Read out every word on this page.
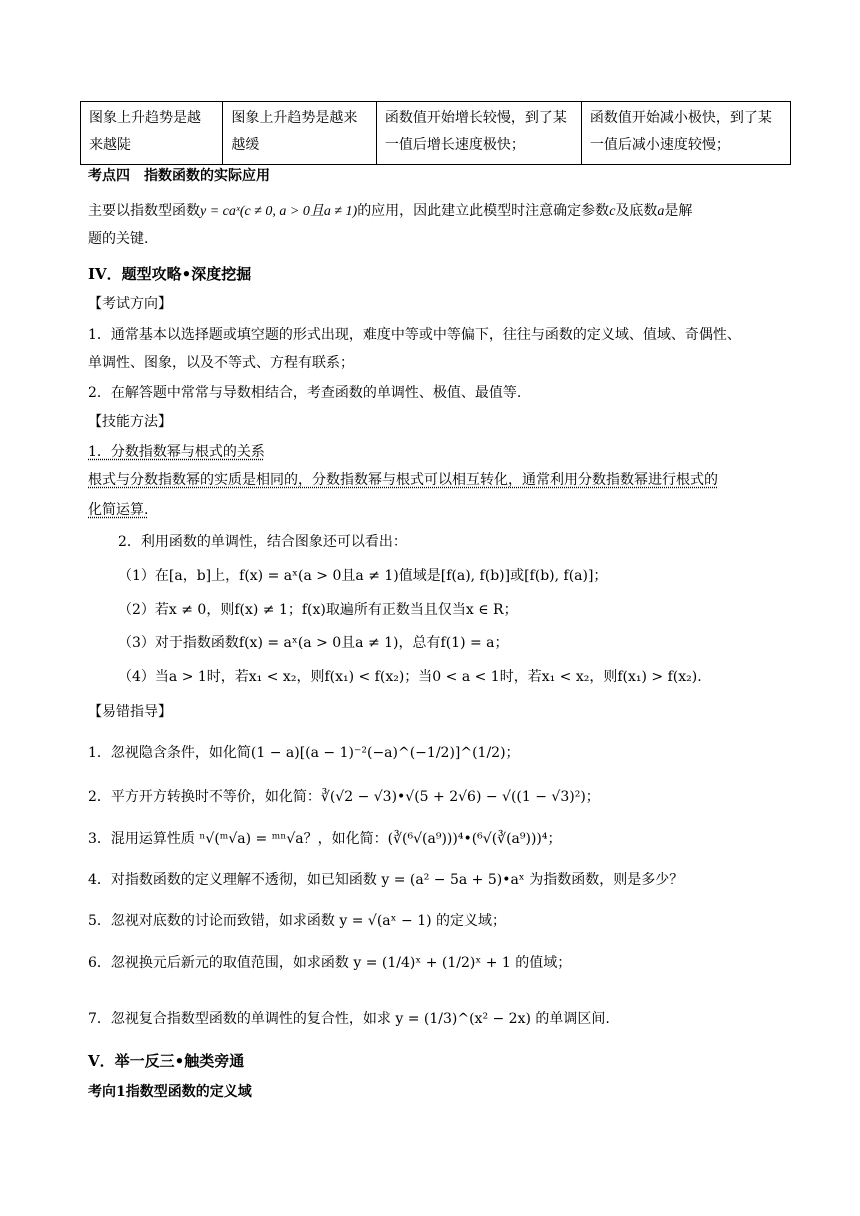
图象上升趋势是越来越陡	图象上升趋势是越来越缓	函数值开始增长较慢，到了某一值后增长速度极快；	函数值开始减小极快，到了某一值后减小速度较慢；
考点四　指数函数的实际应用
主要以指数型函数y = caˣ(c ≠ 0, a > 0且a ≠ 1)的应用，因此建立此模型时注意确定参数c及底数a是解
题的关键.
IV．题型攻略•深度挖掘
【考试方向】
1．通常基本以选择题或填空题的形式出现，难度中等或中等偏下，往往与函数的定义域、值域、奇偶性、
单调性、图象，以及不等式、方程有联系；
2．在解答题中常常与导数相结合，考查函数的单调性、极值、最值等.
【技能方法】
1．分数指数幂与根式的关系
根式与分数指数幂的实质是相同的，分数指数幂与根式可以相互转化，通常利用分数指数幂进行根式的
化简运算.
2．利用函数的单调性，结合图象还可以看出：
（1）在[a，b]上，f(x) = aˣ(a > 0且a ≠ 1)值域是[f(a), f(b)]或[f(b), f(a)]；
（2）若x ≠ 0，则f(x) ≠ 1；f(x)取遍所有正数当且仅当x ∈ R；
（3）对于指数函数f(x) = aˣ(a > 0且a ≠ 1)，总有f(1) = a；
（4）当a > 1时，若x₁ < x₂，则f(x₁) < f(x₂)；当0 < a < 1时，若x₁ < x₂，则f(x₁) > f(x₂).
【易错指导】
1．忽视隐含条件，如化简(1 − a)[(a − 1)⁻²(−a)^(−1/2)]^(1/2)；
2．平方开方转换时不等价，如化简：∛(√2 − √3)•√(5 + 2√6) − √((1 − √3)²)；
3．混用运算性质 ⁿ√(ᵐ√a) = ᵐⁿ√a？，如化简：(∛(⁶√(a⁹)))⁴•(⁶√(∛(a⁹)))⁴；
4．对指数函数的定义理解不透彻，如已知函数 y = (a² − 5a + 5)•aˣ 为指数函数，则是多少？
5．忽视对底数的讨论而致错，如求函数 y = √(aˣ − 1) 的定义域；
6．忽视换元后新元的取值范围，如求函数 y = (1/4)ˣ + (1/2)ˣ + 1 的值域；
7．忽视复合指数型函数的单调性的复合性，如求 y = (1/3)^(x² − 2x) 的单调区间.
V．举一反三•触类旁通
考向1指数型函数的定义域
